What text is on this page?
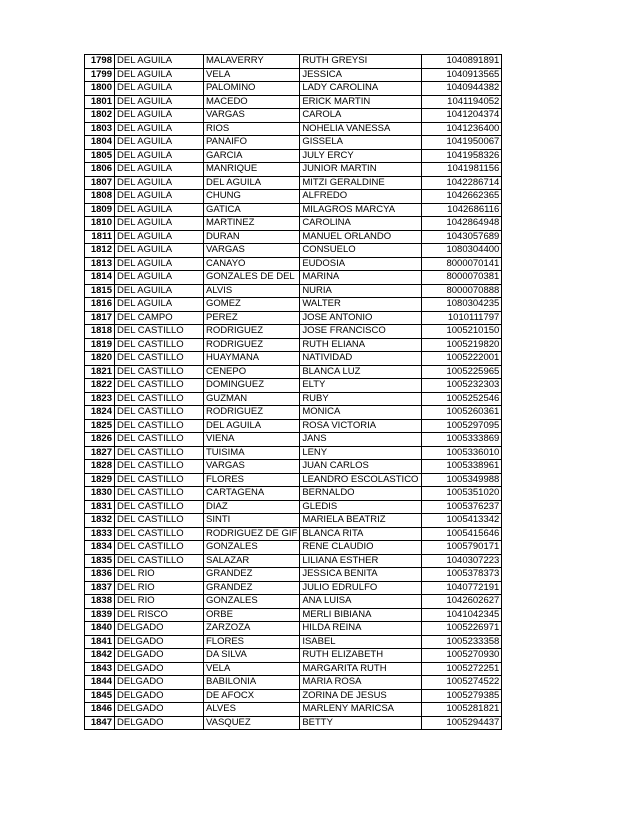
1798	DEL AGUILA	MALAVERRY	RUTH GREYSI	1040891891
1799	DEL AGUILA	VELA	JESSICA	1040913565
1800	DEL AGUILA	PALOMINO	LADY CAROLINA	1040944382
1801	DEL AGUILA	MACEDO	ERICK MARTIN	1041194052
1802	DEL AGUILA	VARGAS	CAROLA	1041204374
1803	DEL AGUILA	RIOS	NOHELIA VANESSA	1041236400
1804	DEL AGUILA	PANAIFO	GISSELA	1041950067
1805	DEL AGUILA	GARCIA	JULY ERCY	1041958326
1806	DEL AGUILA	MANRIQUE	JUNIOR MARTIN	1041981156
1807	DEL AGUILA	DEL AGUILA	MITZI GERALDINE	1042286714
1808	DEL AGUILA	CHUNG	ALFREDO	1042662365
1809	DEL AGUILA	GATICA	MILAGROS MARCYA	1042686116
1810	DEL AGUILA	MARTINEZ	CAROLINA	1042864948
1811	DEL AGUILA	DURAN	MANUEL ORLANDO	1043057689
1812	DEL AGUILA	VARGAS	CONSUELO	1080304400
1813	DEL AGUILA	CANAYO	EUDOSIA	8000070141
1814	DEL AGUILA	GONZALES DE DEL	MARINA	8000070381
1815	DEL AGUILA	ALVIS	NURIA	8000070888
1816	DEL AGUILA	GOMEZ	WALTER	1080304235
1817	DEL CAMPO	PEREZ	JOSE ANTONIO	1010111797
1818	DEL CASTILLO	RODRIGUEZ	JOSE FRANCISCO	1005210150
1819	DEL CASTILLO	RODRIGUEZ	RUTH ELIANA	1005219820
1820	DEL CASTILLO	HUAYMANA	NATIVIDAD	1005222001
1821	DEL CASTILLO	CENEPO	BLANCA LUZ	1005225965
1822	DEL CASTILLO	DOMINGUEZ	ELTY	1005232303
1823	DEL CASTILLO	GUZMAN	RUBY	1005252546
1824	DEL CASTILLO	RODRIGUEZ	MONICA	1005260361
1825	DEL CASTILLO	DEL AGUILA	ROSA VICTORIA	1005297095
1826	DEL CASTILLO	VIENA	JANS	1005333869
1827	DEL CASTILLO	TUISIMA	LENY	1005336010
1828	DEL CASTILLO	VARGAS	JUAN CARLOS	1005338961
1829	DEL CASTILLO	FLORES	LEANDRO ESCOLASTICO	1005349988
1830	DEL CASTILLO	CARTAGENA	BERNALDO	1005351020
1831	DEL CASTILLO	DIAZ	GLEDIS	1005376237
1832	DEL CASTILLO	SINTI	MARIELA BEATRIZ	1005413342
1833	DEL CASTILLO	RODRIGUEZ DE GIF	BLANCA RITA	1005415646
1834	DEL CASTILLO	GONZALES	RENE CLAUDIO	1005790171
1835	DEL CASTILLO	SALAZAR	LILIANA ESTHER	1040307223
1836	DEL RIO	GRANDEZ	JESSICA BENITA	1005378373
1837	DEL RIO	GRANDEZ	JULIO EDRULFO	1040772191
1838	DEL RIO	GONZALES	ANA LUISA	1042602627
1839	DEL RISCO	ORBE	MERLI BIBIANA	1041042345
1840	DELGADO	ZARZOZA	HILDA REINA	1005226971
1841	DELGADO	FLORES	ISABEL	1005233358
1842	DELGADO	DA SILVA	RUTH ELIZABETH	1005270930
1843	DELGADO	VELA	MARGARITA RUTH	1005272251
1844	DELGADO	BABILONIA	MARIA ROSA	1005274522
1845	DELGADO	DE AFOCX	ZORINA DE JESUS	1005279385
1846	DELGADO	ALVES	MARLENY MARICSA	1005281821
1847	DELGADO	VASQUEZ	BETTY	1005294437
